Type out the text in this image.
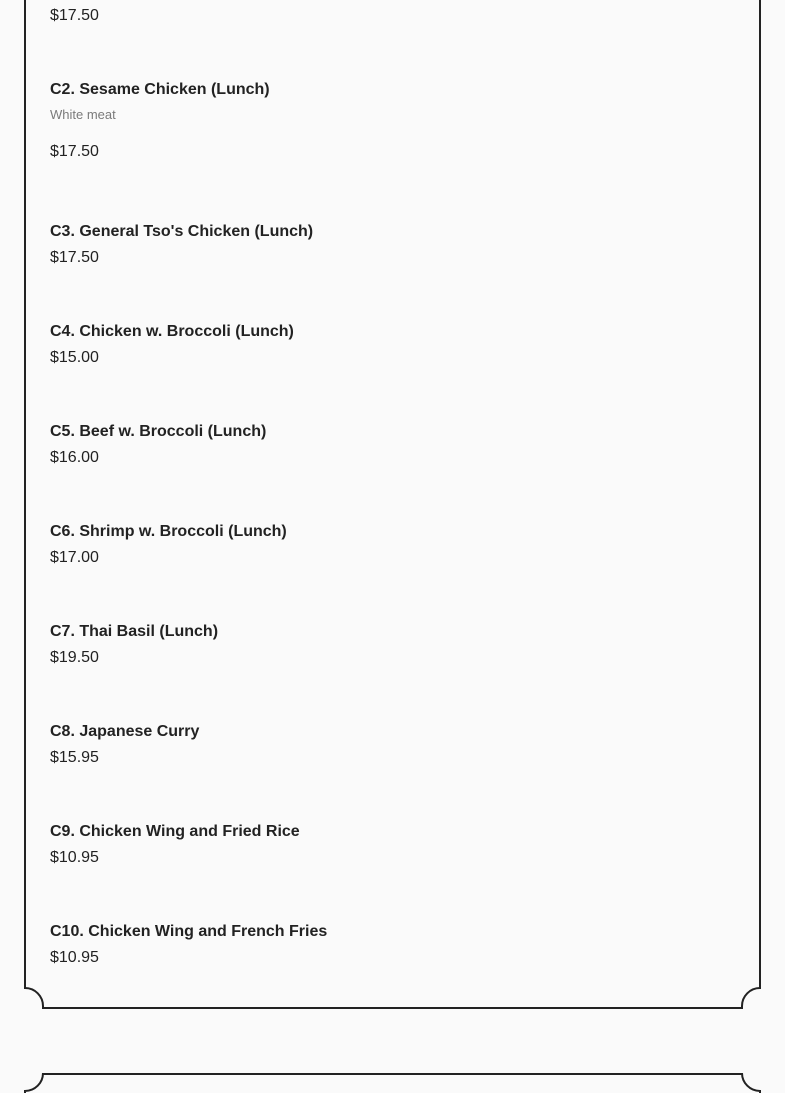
$17.50
C2. Sesame Chicken (Lunch)
White meat
$17.50
C3. General Tso's Chicken (Lunch)
$17.50
C4. Chicken w. Broccoli (Lunch)
$15.00
C5. Beef w. Broccoli (Lunch)
$16.00
C6. Shrimp w. Broccoli (Lunch)
$17.00
C7. Thai Basil (Lunch)
$19.50
C8. Japanese Curry
$15.95
C9. Chicken Wing and Fried Rice
$10.95
C10. Chicken Wing and French Fries
$10.95
